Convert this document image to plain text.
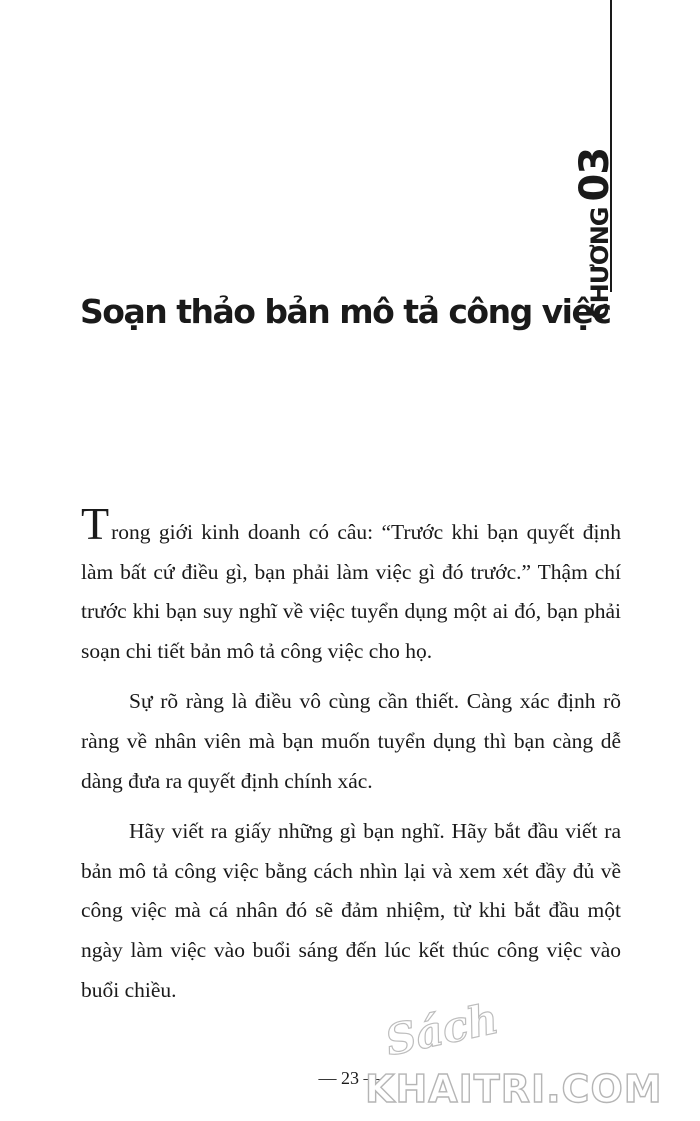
CHƯƠNG03
Soạn thảo bản mô tả công việc

Trong giới kinh doanh có câu: “Trước khi bạn quyết định làm bất cứ điều gì, bạn phải làm việc gì đó trước.” Thậm chí trước khi bạn suy nghĩ về việc tuyển dụng một ai đó, bạn phải soạn chi tiết bản mô tả công việc cho họ.

Sự rõ ràng là điều vô cùng cần thiết. Càng xác định rõ ràng về nhân viên mà bạn muốn tuyển dụng thì bạn càng dễ dàng đưa ra quyết định chính xác.

Hãy viết ra giấy những gì bạn nghĩ. Hãy bắt đầu viết ra bản mô tả công việc bằng cách nhìn lại và xem xét đầy đủ về công việc mà cá nhân đó sẽ đảm nhiệm, từ khi bắt đầu một ngày làm việc vào buổi sáng đến lúc kết thúc công việc vào buổi chiều.

— 23 —
Sách
KHAITRI.COM
